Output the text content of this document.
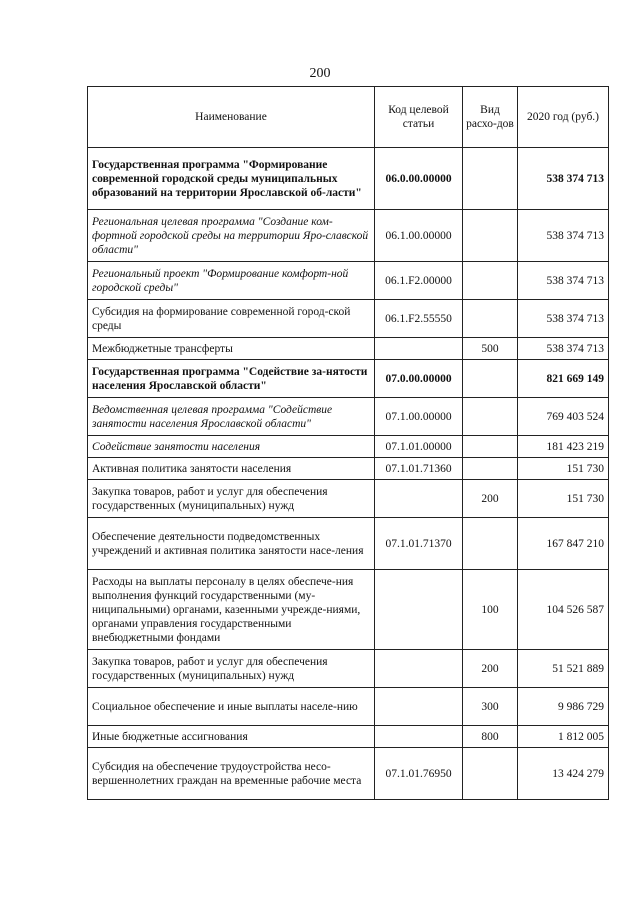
200
Наименование	Код целевой статьи	Вид расхо-дов	2020 год (руб.)
Государственная программа "Формирование современной городской среды муниципальных образований на территории Ярославской об-ласти"	06.0.00.00000		538 374 713
Региональная целевая программа "Создание ком-фортной городской среды на территории Яро-славской области"	06.1.00.00000		538 374 713
Региональный проект "Формирование комфорт-ной городской среды"	06.1.F2.00000		538 374 713
Субсидия на формирование современной город-ской среды	06.1.F2.55550		538 374 713
Межбюджетные трансферты		500	538 374 713
Государственная программа "Содействие за-нятости населения Ярославской области"	07.0.00.00000		821 669 149
Ведомственная целевая программа "Содействие занятости населения Ярославской области"	07.1.00.00000		769 403 524
Содействие занятости населения	07.1.01.00000		181 423 219
Активная политика занятости населения	07.1.01.71360		151 730
Закупка товаров, работ и услуг для обеспечения государственных (муниципальных) нужд		200	151 730
Обеспечение деятельности подведомственных учреждений и активная политика занятости насе-ления	07.1.01.71370		167 847 210
Расходы на выплаты персоналу в целях обеспече-ния выполнения функций государственными (му-ниципальными) органами, казенными учрежде-ниями, органами управления государственными внебюджетными фондами		100	104 526 587
Закупка товаров, работ и услуг для обеспечения государственных (муниципальных) нужд		200	51 521 889
Социальное обеспечение и иные выплаты населе-нию		300	9 986 729
Иные бюджетные ассигнования		800	1 812 005
Субсидия на обеспечение трудоустройства несо-вершеннолетних граждан на временные рабочие места	07.1.01.76950		13 424 279
